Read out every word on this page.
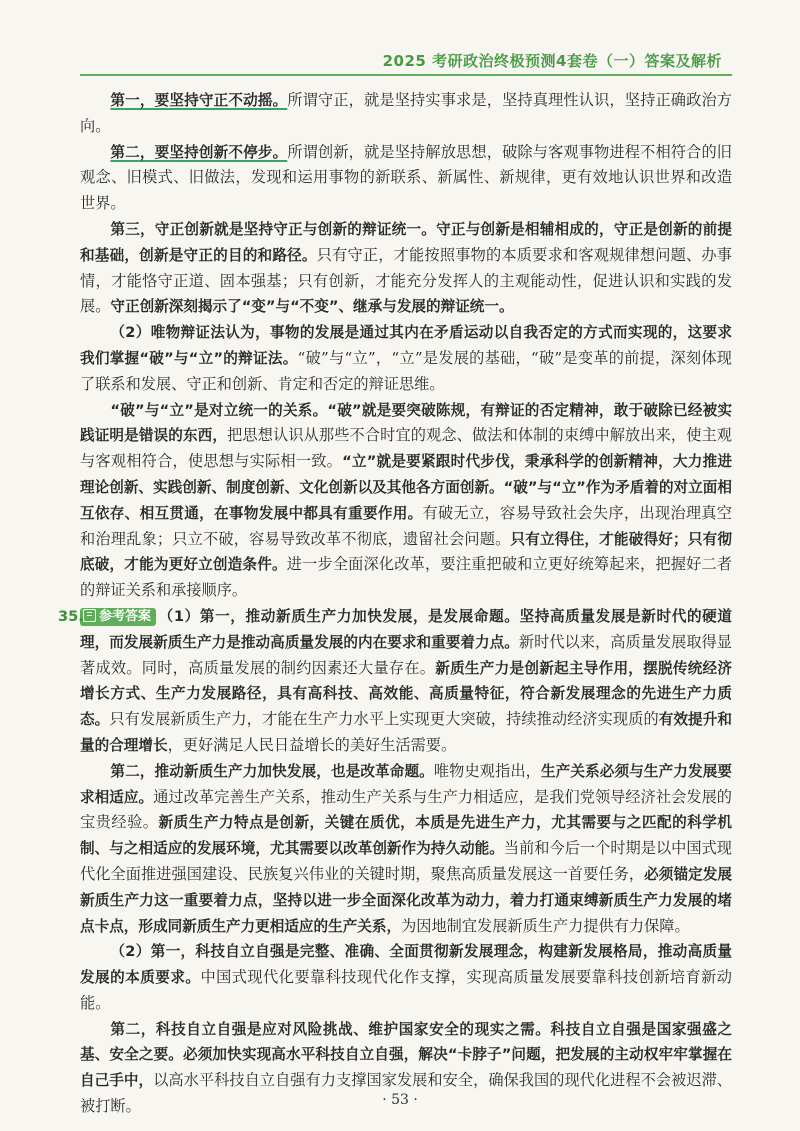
2025 考研政治终极预测4套卷（一）答案及解析

第一，要坚持守正不动摇。所谓守正，就是坚持实事求是，坚持真理性认识，坚持正确政治方向。

第二，要坚持创新不停步。所谓创新，就是坚持解放思想，破除与客观事物进程不相符合的旧观念、旧模式、旧做法，发现和运用事物的新联系、新属性、新规律，更有效地认识世界和改造世界。

第三，守正创新就是坚持守正与创新的辩证统一。守正与创新是相辅相成的，守正是创新的前提和基础，创新是守正的目的和路径。只有守正，才能按照事物的本质要求和客观规律想问题、办事情，才能恪守正道、固本强基；只有创新，才能充分发挥人的主观能动性，促进认识和实践的发展。守正创新深刻揭示了“变”与“不变”、继承与发展的辩证统一。

（2）唯物辩证法认为，事物的发展是通过其内在矛盾运动以自我否定的方式而实现的，这要求我们掌握“破”与“立”的辩证法。“破”与“立”，“立”是发展的基础，“破”是变革的前提，深刻体现了联系和发展、守正和创新、肯定和否定的辩证思维。

“破”与“立”是对立统一的关系。“破”就是要突破陈规，有辩证的否定精神，敢于破除已经被实践证明是错误的东西，把思想认识从那些不合时宜的观念、做法和体制的束缚中解放出来，使主观与客观相符合，使思想与实际相一致。“立”就是要紧跟时代步伐，秉承科学的创新精神，大力推进理论创新、实践创新、制度创新、文化创新以及其他各方面创新。“破”与“立”作为矛盾着的对立面相互依存、相互贯通，在事物发展中都具有重要作用。有破无立，容易导致社会失序，出现治理真空和治理乱象；只立不破，容易导致改革不彻底，遗留社会问题。只有立得住，才能破得好；只有彻底破，才能为更好立创造条件。进一步全面深化改革，要注重把破和立更好统筹起来，把握好二者的辩证关系和承接顺序。

35. 参考答案 （1）第一，推动新质生产力加快发展，是发展命题。坚持高质量发展是新时代的硬道理，而发展新质生产力是推动高质量发展的内在要求和重要着力点。新时代以来，高质量发展取得显著成效。同时，高质量发展的制约因素还大量存在。新质生产力是创新起主导作用，摆脱传统经济增长方式、生产力发展路径，具有高科技、高效能、高质量特征，符合新发展理念的先进生产力质态。只有发展新质生产力，才能在生产力水平上实现更大突破，持续推动经济实现质的有效提升和量的合理增长，更好满足人民日益增长的美好生活需要。

第二，推动新质生产力加快发展，也是改革命题。唯物史观指出，生产关系必须与生产力发展要求相适应。通过改革完善生产关系，推动生产关系与生产力相适应，是我们党领导经济社会发展的宝贵经验。新质生产力特点是创新，关键在质优，本质是先进生产力，尤其需要与之匹配的科学机制、与之相适应的发展环境，尤其需要以改革创新作为持久动能。当前和今后一个时期是以中国式现代化全面推进强国建设、民族复兴伟业的关键时期，聚焦高质量发展这一首要任务，必须锚定发展新质生产力这一重要着力点，坚持以进一步全面深化改革为动力，着力打通束缚新质生产力发展的堵点卡点，形成同新质生产力更相适应的生产关系，为因地制宜发展新质生产力提供有力保障。

（2）第一，科技自立自强是完整、准确、全面贯彻新发展理念，构建新发展格局，推动高质量发展的本质要求。中国式现代化要靠科技现代化作支撑，实现高质量发展要靠科技创新培育新动能。

第二，科技自立自强是应对风险挑战、维护国家安全的现实之需。科技自立自强是国家强盛之基、安全之要。必须加快实现高水平科技自立自强，解决“卡脖子”问题，把发展的主动权牢牢掌握在自己手中，以高水平科技自立自强有力支撑国家发展和安全，确保我国的现代化进程不会被迟滞、被打断。	· 53 ·
